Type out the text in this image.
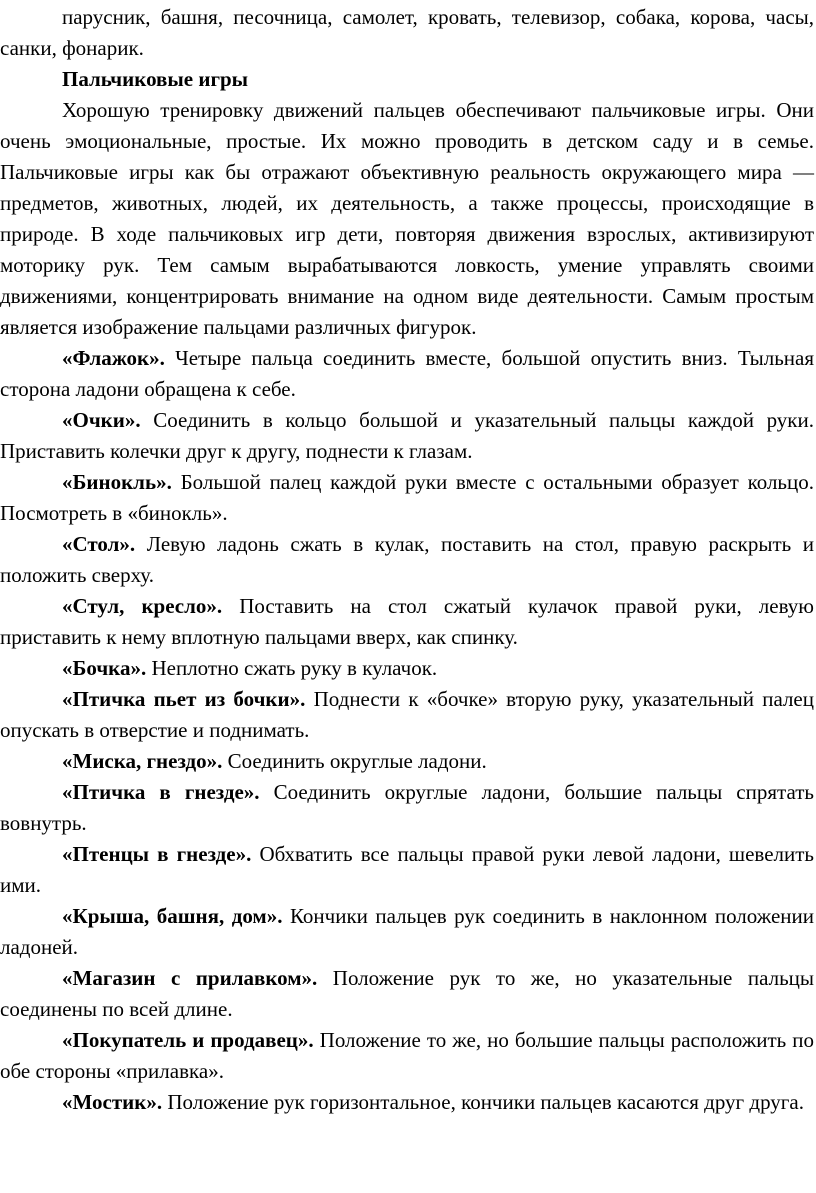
парусник, башня, песочница, самолет, кровать, телевизор, собака, корова, часы, санки, фонарик.

Пальчиковые игры

Хорошую тренировку движений пальцев обеспечивают пальчиковые игры. Они очень эмоциональные, простые. Их можно проводить в детском саду и в семье. Пальчиковые игры как бы отражают объективную реальность окружающего мира — предметов, животных, людей, их деятельность, а также процессы, происходящие в природе. В ходе пальчиковых игр дети, повторяя движения взрослых, активизируют моторику рук. Тем самым вырабатываются ловкость, умение управлять своими движениями, концентрировать внимание на одном виде деятельности. Самым простым является изображение пальцами различных фигурок.

«Флажок». Четыре пальца соединить вместе, большой опустить вниз. Тыльная сторона ладони обращена к себе.

«Очки». Соединить в кольцо большой и указательный пальцы каждой руки. Приставить колечки друг к другу, поднести к глазам.

«Бинокль». Большой палец каждой руки вместе с остальными образует кольцо. Посмотреть в «бинокль».

«Стол». Левую ладонь сжать в кулак, поставить на стол, правую раскрыть и положить сверху.

«Стул, кресло». Поставить на стол сжатый кулачок правой руки, левую приставить к нему вплотную пальцами вверх, как спинку.

«Бочка». Неплотно сжать руку в кулачок.

«Птичка пьет из бочки». Поднести к «бочке» вторую руку, указательный палец опускать в отверстие и поднимать.

«Миска, гнездо». Соединить округлые ладони.

«Птичка в гнезде». Соединить округлые ладони, большие пальцы спрятать вовнутрь.

«Птенцы в гнезде». Обхватить все пальцы правой руки левой ладони, шевелить ими.

«Крыша, башня, дом». Кончики пальцев рук соединить в наклонном положении ладоней.

«Магазин с прилавком». Положение рук то же, но указательные пальцы соединены по всей длине.

«Покупатель и продавец». Положение то же, но большие пальцы расположить по обе стороны «прилавка».

«Мостик». Положение рук горизонтальное, кончики пальцев касаются друг друга.
